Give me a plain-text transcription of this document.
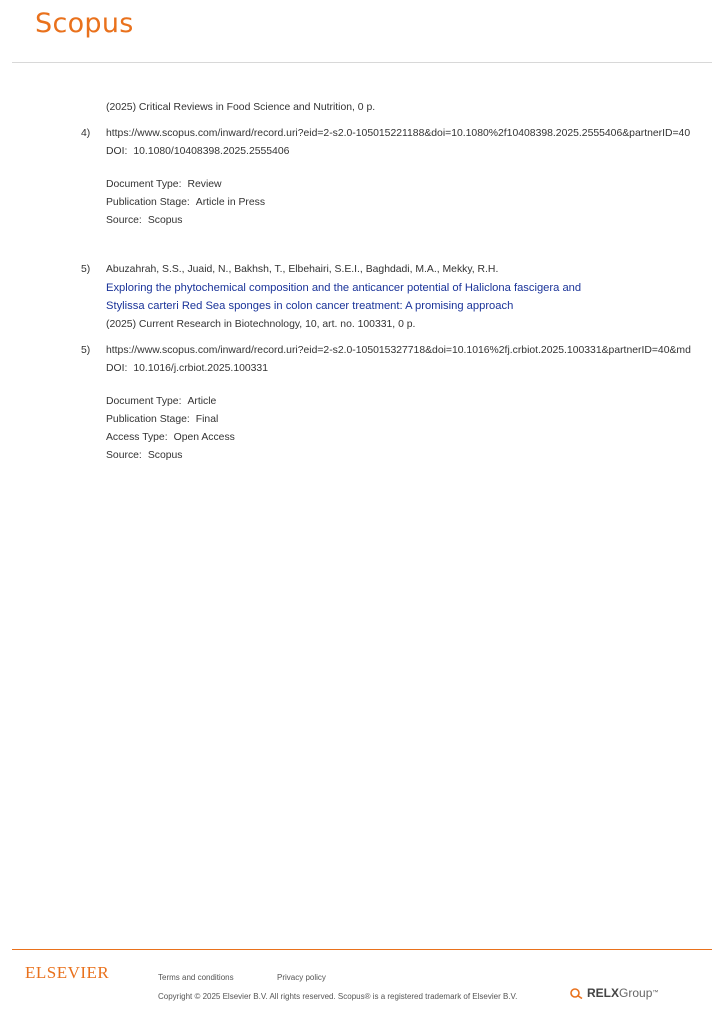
Scopus
(2025) Critical Reviews in Food Science and Nutrition, 0 p.
4) https://www.scopus.com/inward/record.uri?eid=2-s2.0-105015221188&doi=10.1080%2f10408398.2025.2555406&partnerID=40
DOI: 10.1080/10408398.2025.2555406
Document Type: Review
Publication Stage: Article in Press
Source: Scopus
5) Abuzahrah, S.S., Juaid, N., Bakhsh, T., Elbehairi, S.E.I., Baghdadi, M.A., Mekky, R.H.
Exploring the phytochemical composition and the anticancer potential of Haliclona fascigera and
Stylissa carteri Red Sea sponges in colon cancer treatment: A promising approach
(2025) Current Research in Biotechnology, 10, art. no. 100331, 0 p.
5) https://www.scopus.com/inward/record.uri?eid=2-s2.0-105015327718&doi=10.1016%2fj.crbiot.2025.100331&partnerID=40&md
DOI: 10.1016/j.crbiot.2025.100331
Document Type: Article
Publication Stage: Final
Access Type: Open Access
Source: Scopus
ELSEVIER	Terms and conditions	Privacy policy
Copyright © 2025 Elsevier B.V. All rights reserved. Scopus® is a registered trademark of Elsevier B.V.	RELX Group ™
